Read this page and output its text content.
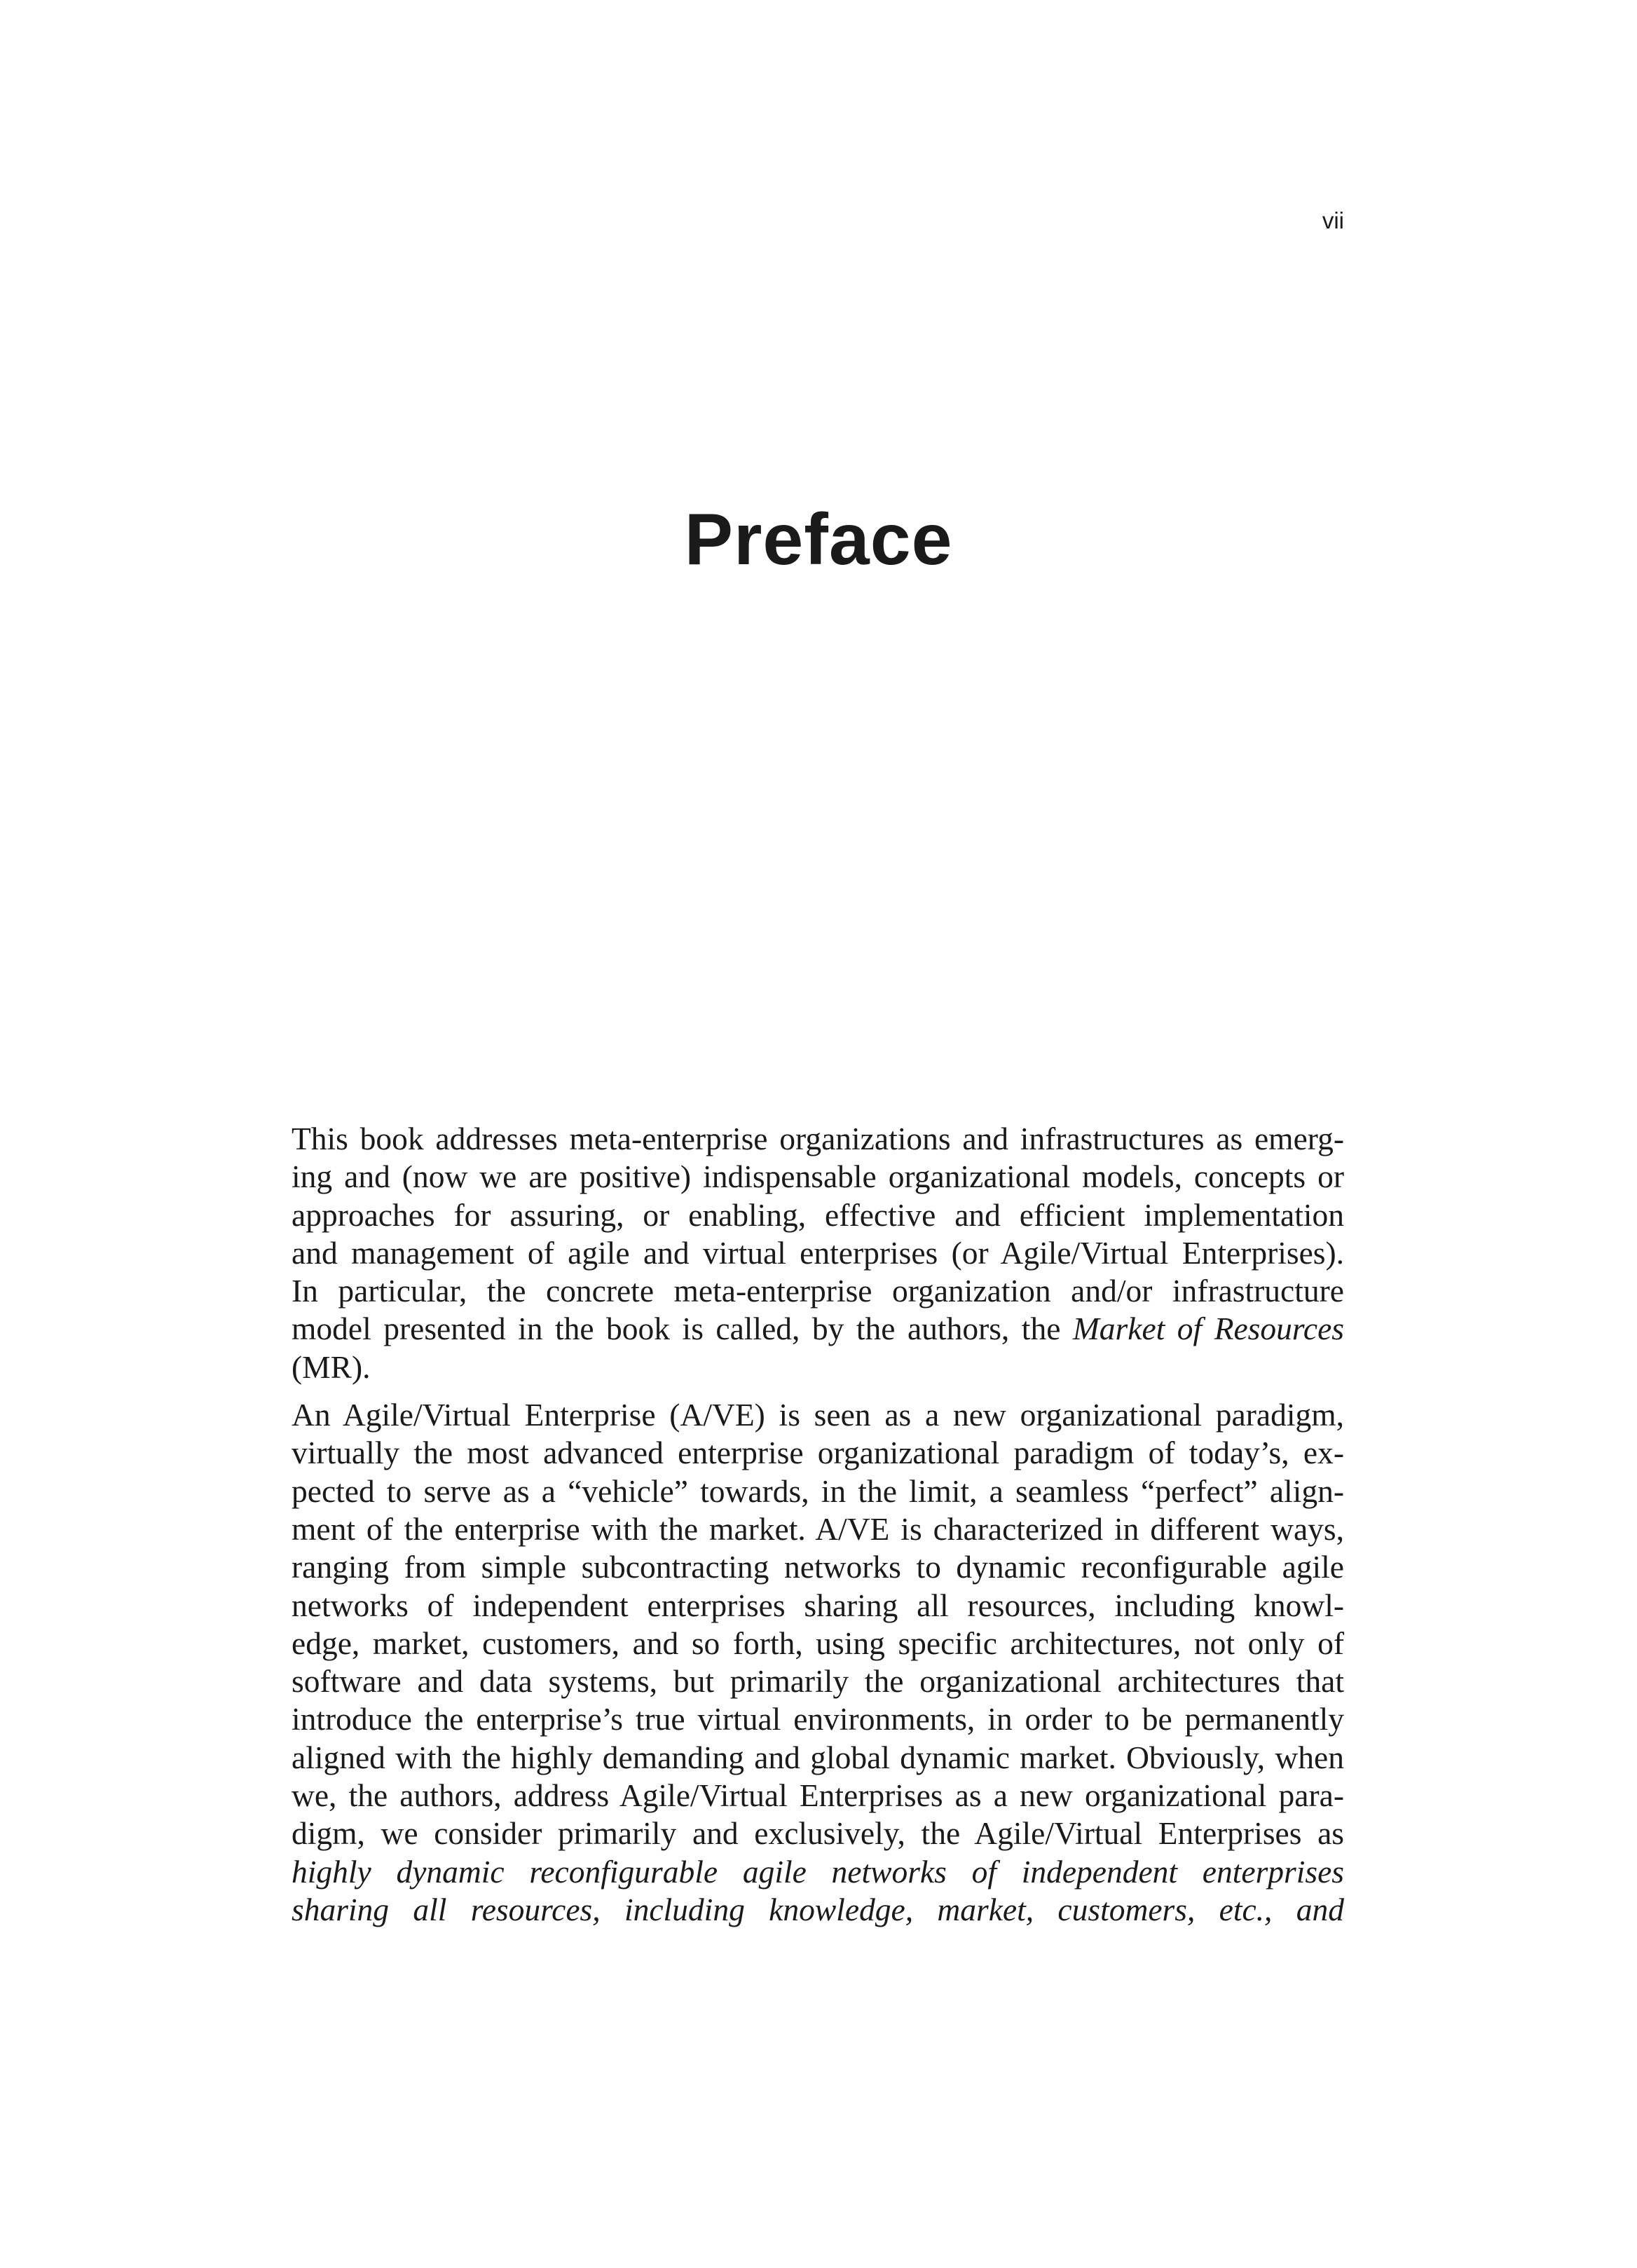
vii
Preface

This book addresses meta-enterprise organizations and infrastructures as emerg-
ing and (now we are positive) indispensable organizational models, concepts or
approaches for assuring, or enabling, effective and efficient implementation
and management of agile and virtual enterprises (or Agile/Virtual Enterprises).
In particular, the concrete meta-enterprise organization and/or infrastructure
model presented in the book is called, by the authors, the Market of Resources
(MR).

An Agile/Virtual Enterprise (A/VE) is seen as a new organizational paradigm,
virtually the most advanced enterprise organizational paradigm of today’s, ex-
pected to serve as a “vehicle” towards, in the limit, a seamless “perfect” align-
ment of the enterprise with the market. A/VE is characterized in different ways,
ranging from simple subcontracting networks to dynamic reconfigurable agile
networks of independent enterprises sharing all resources, including knowl-
edge, market, customers, and so forth, using specific architectures, not only of
software and data systems, but primarily the organizational architectures that
introduce the enterprise’s true virtual environments, in order to be permanently
aligned with the highly demanding and global dynamic market. Obviously, when
we, the authors, address Agile/Virtual Enterprises as a new organizational para-
digm, we consider primarily and exclusively, the Agile/Virtual Enterprises as
highly dynamic reconfigurable agile networks of independent enterprises
sharing all resources, including knowledge, market, customers, etc., and
